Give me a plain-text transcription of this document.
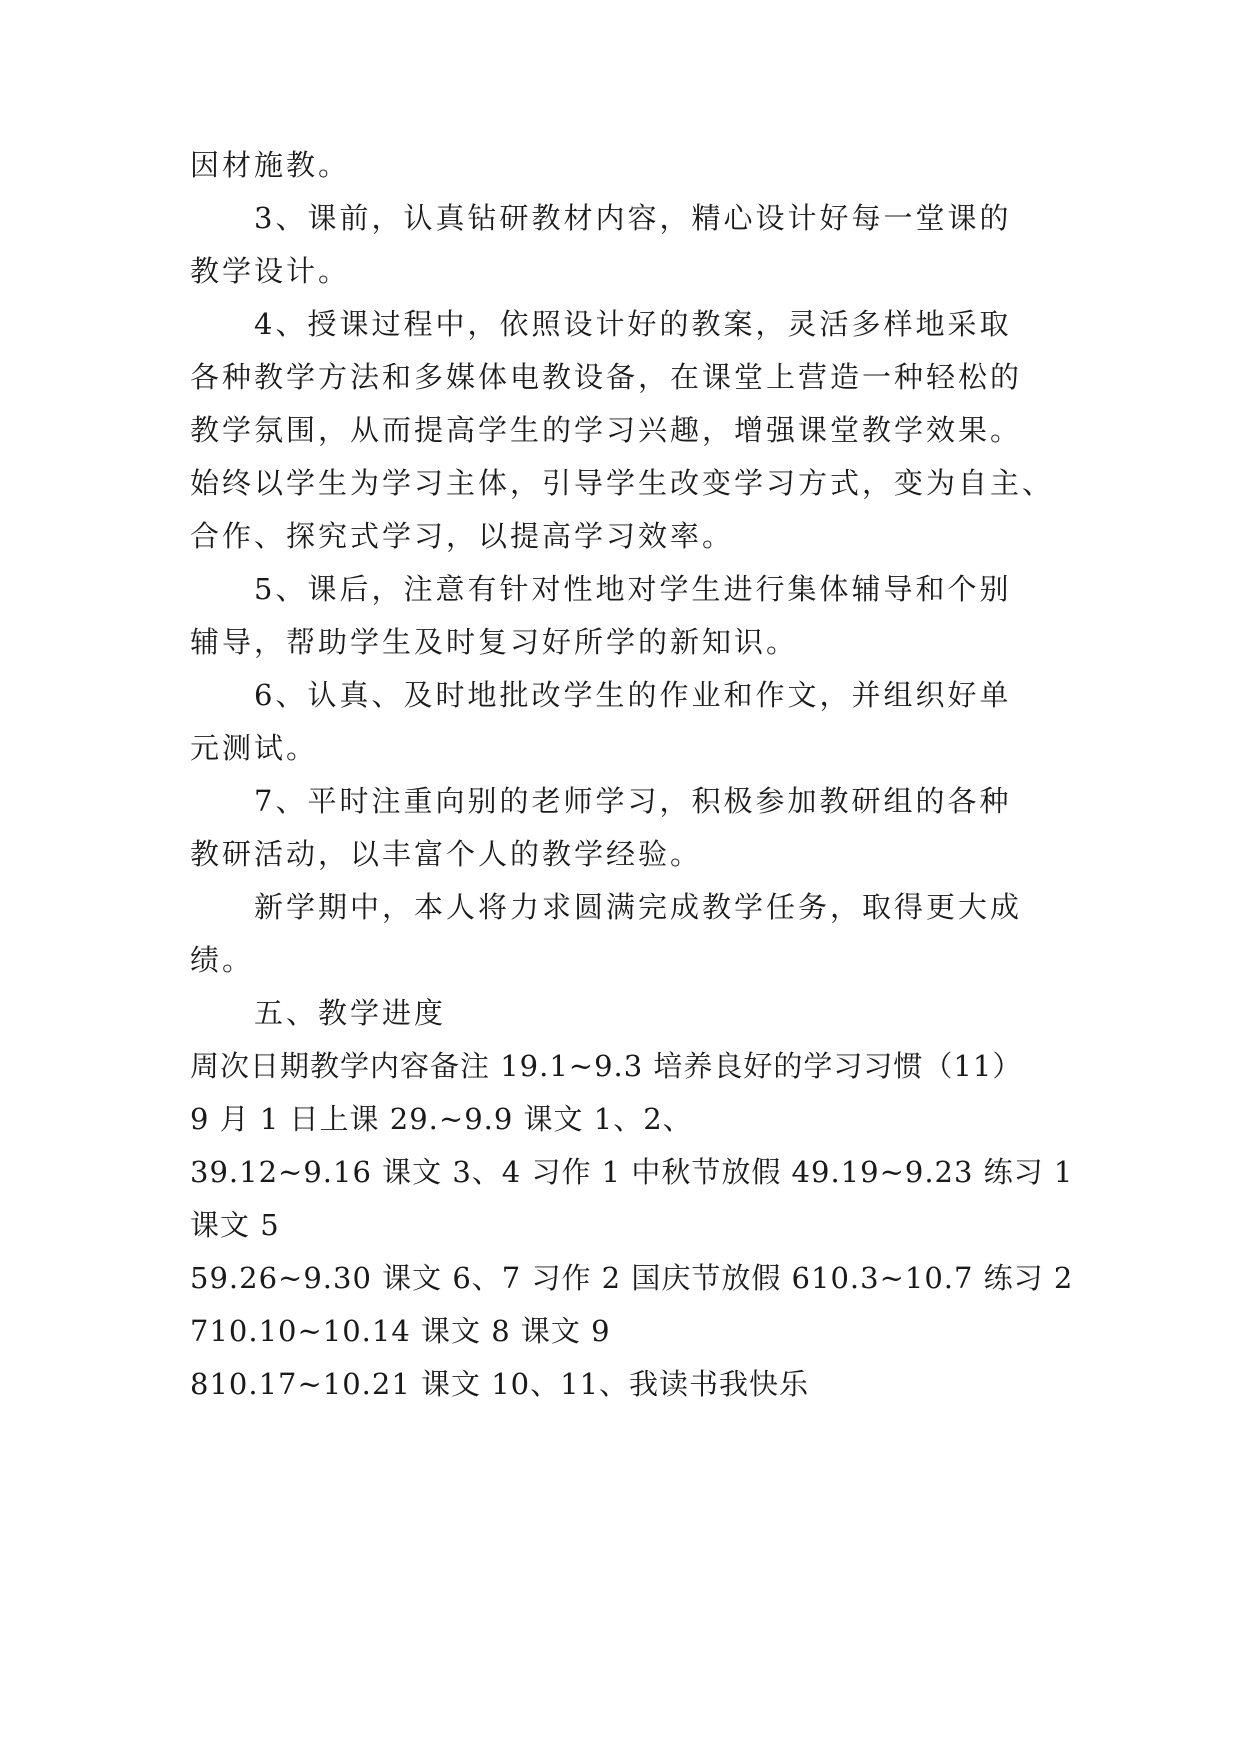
因材施教。
3、课前，认真钻研教材内容，精心设计好每一堂课的
教学设计。
4、授课过程中，依照设计好的教案，灵活多样地采取
各种教学方法和多媒体电教设备，在课堂上营造一种轻松的
教学氛围，从而提高学生的学习兴趣，增强课堂教学效果。
始终以学生为学习主体，引导学生改变学习方式，变为自主、
合作、探究式学习，以提高学习效率。
5、课后，注意有针对性地对学生进行集体辅导和个别
辅导，帮助学生及时复习好所学的新知识。
6、认真、及时地批改学生的作业和作文，并组织好单
元测试。
7、平时注重向别的老师学习，积极参加教研组的各种
教研活动，以丰富个人的教学经验。
新学期中，本人将力求圆满完成教学任务，取得更大成
绩。
五、教学进度
周次日期教学内容备注 19.1~9.3 培养良好的学习习惯（11）
9 月 1 日上课 29.~9.9 课文 1、2、
39.12~9.16 课文 3、4 习作 1 中秋节放假 49.19~9.23 练习 1
课文 5
59.26~9.30 课文 6、7 习作 2 国庆节放假 610.3~10.7 练习 2
710.10~10.14 课文 8 课文 9
810.17~10.21 课文 10、11、我读书我快乐
